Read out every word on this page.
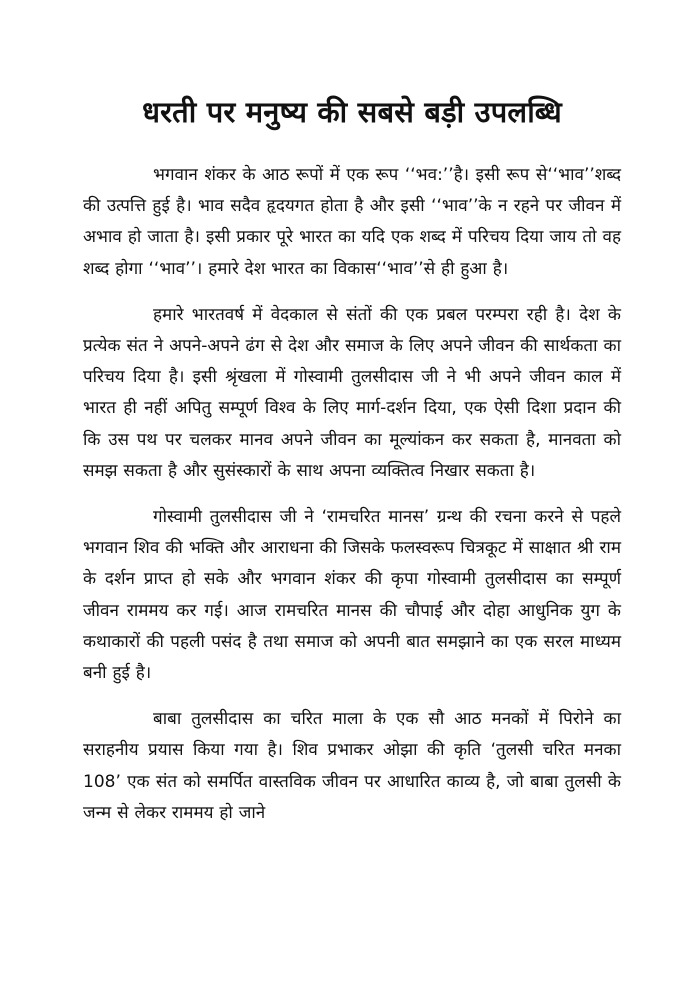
धरती पर मनुष्य की सबसे बड़ी उपलब्धि

भगवान शंकर के आठ रूपों में एक रूप ‘‘भव:’’है। इसी रूप से‘‘भाव’’शब्द की उत्पत्ति हुई है। भाव सदैव हृदयगत होता है और इसी ‘‘भाव’’के न रहने पर जीवन में अभाव हो जाता है। इसी प्रकार पूरे भारत का यदि एक शब्द में परिचय दिया जाय तो वह शब्द होगा ‘‘भाव’’। हमारे देश भारत का विकास‘‘भाव’’से ही हुआ है।

हमारे भारतवर्ष में वेदकाल से संतों की एक प्रबल परम्परा रही है। देश के प्रत्येक संत ने अपने-अपने ढंग से देश और समाज के लिए अपने जीवन की सार्थकता का परिचय दिया है। इसी श्रृंखला में गोस्वामी तुलसीदास जी ने भी अपने जीवन काल में भारत ही नहीं अपितु सम्पूर्ण विश्व के लिए मार्ग-दर्शन दिया, एक ऐसी दिशा प्रदान की कि उस पथ पर चलकर मानव अपने जीवन का मूल्यांकन कर सकता है, मानवता को समझ सकता है और सुसंस्कारों के साथ अपना व्यक्तित्व निखार सकता है।

गोस्वामी तुलसीदास जी ने ‘रामचरित मानस’ ग्रन्थ की रचना करने से पहले भगवान शिव की भक्ति और आराधना की जिसके फलस्वरूप चित्रकूट में साक्षात श्री राम के दर्शन प्राप्त हो सके और भगवान शंकर की कृपा गोस्वामी तुलसीदास का सम्पूर्ण जीवन राममय कर गई। आज रामचरित मानस की चौपाई और दोहा आधुनिक युग के कथाकारों की पहली पसंद है तथा समाज को अपनी बात समझाने का एक सरल माध्यम बनी हुई है।

बाबा तुलसीदास का चरित माला के एक सौ आठ मनकों में पिरोने का सराहनीय प्रयास किया गया है। शिव प्रभाकर ओझा की कृति ‘तुलसी चरित मनका 108’ एक संत को समर्पित वास्तविक जीवन पर आधारित काव्य है, जो बाबा तुलसी के जन्म से लेकर राममय हो जाने
